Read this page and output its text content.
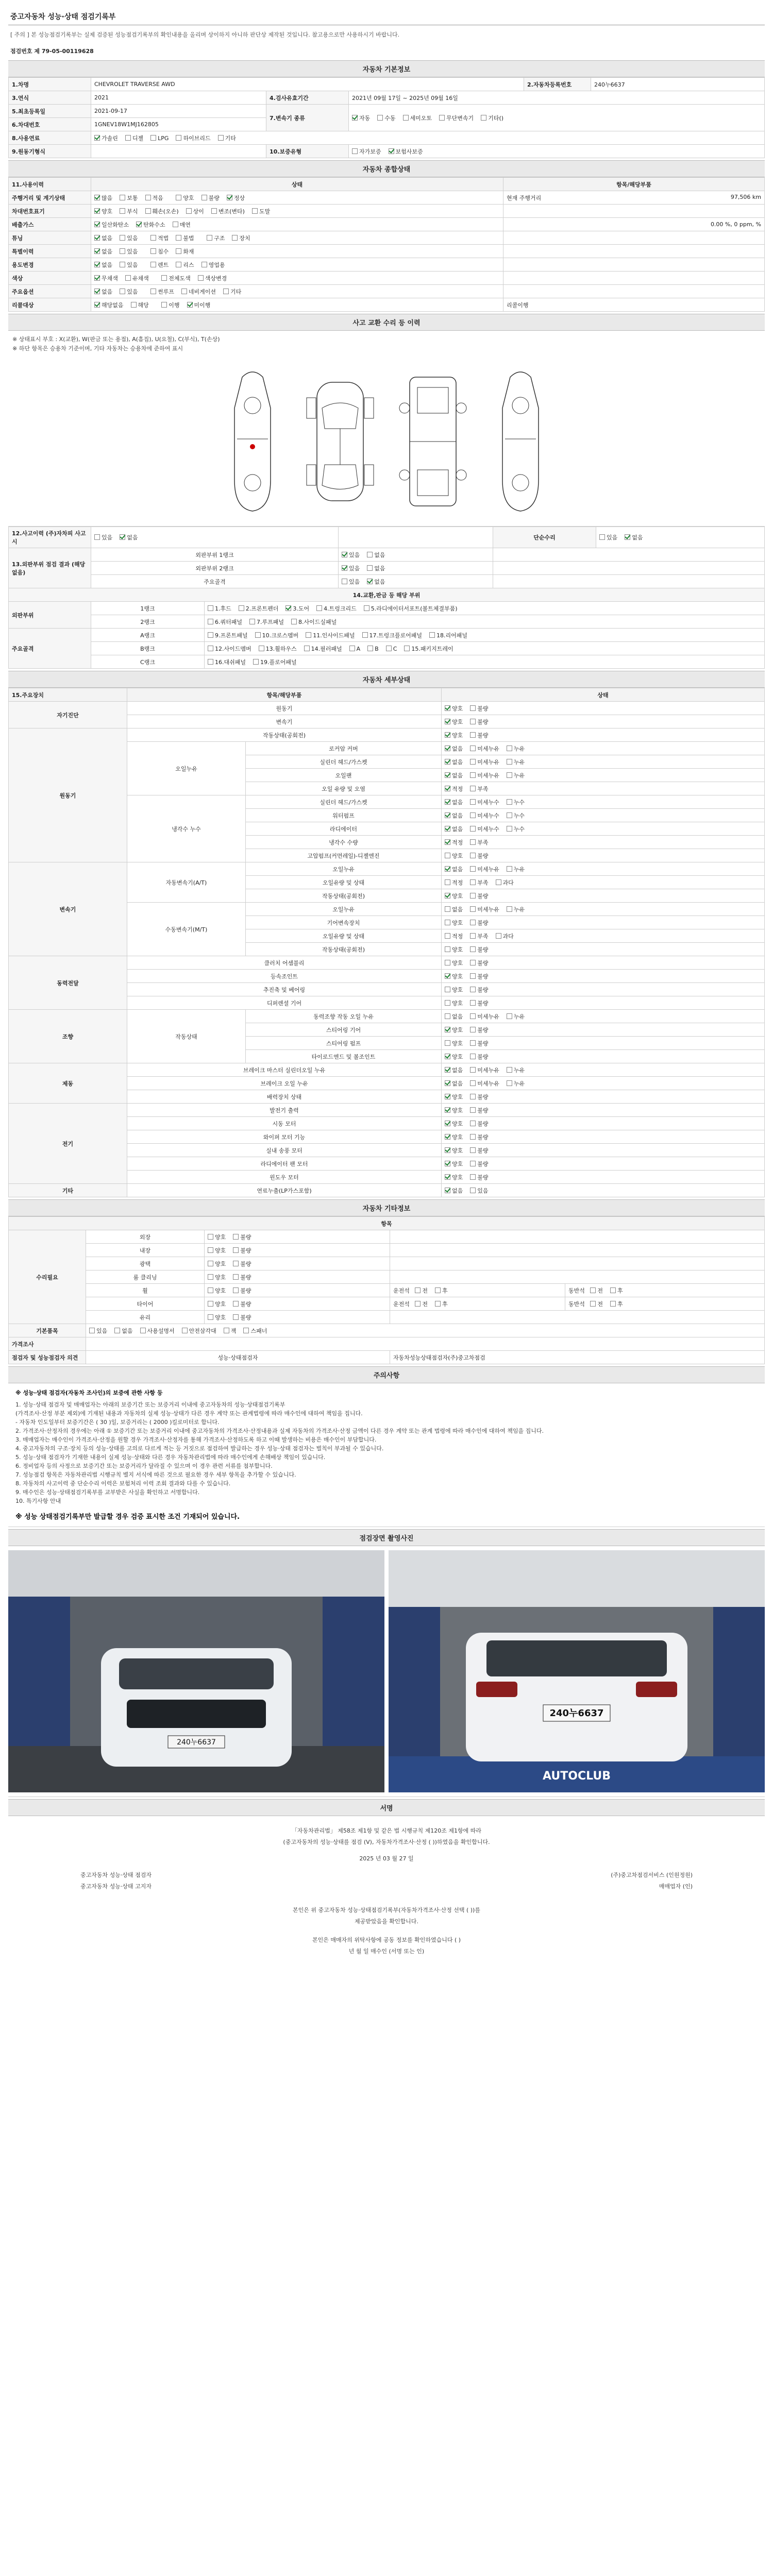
중고자동차 성능·상태 점검기록부
[ 주의 ] 본 성능점검기록부는 실제 검증된 성능점검기록부의 확인내용을 올리며 상이하지 아니하 판단상 제작된 것입니다. 참고용으로만 사용하시기 바랍니다.
점검번호 제 79-05-00119628
자동차 기본정보
1.차명	CHEVROLET TRAVERSE AWD			2.자동차등록번호	240누6637
3.연식	2021	4.검사유효기간	2021년 09월 17일 ~ 2025년 09월 16일		
5.최초등록일	2021-09-17	7.변속기 종류	자동 수동 세미오토 무단변속기 기타()		
6.차대번호	1GNEV18W1MJ162805				
8.사용연료	가솔린 디젤 LPG 하이브리드 기타				
9.원동기형식		10.보증유형	자가보증 보험사보증		
자동차 종합상태
11.사용이력	상태	항목/해당부품
주행거리 및 계기상태	많음 보통 적음 양호 불량 정상	현재 주행거리 97,506 km

차대번호표기	양호 부식 훼손(오손) 상이 변조(변타) 도말	

배출가스	일산화탄소 탄화수소 매연	0.00 %, 0 ppm, %

튜닝	없음 있음 적법 불법 구조 장치	

특별이력	없음 있음 침수 화재	

용도변경	없음 있음 렌트 리스 영업용	

색상	무채색 유채색 전체도색 색상변경	

주요옵션	없음 있음 썬루프 네비게이션 기타	

리콜대상	해당없음 해당 이행 미이행	리콜이행
사고 교환 수리 등 이력
※ 상태표시 부호 : X(교환), W(판금 또는 용접), A(흠집), U(요철), C(부식), T(손상)
※ 하단 항목은 승용차 기준이며, 기타 자동차는 승용차에 준하여 표시
12.사고이력 (주)자차피 사고시	있음 없음			단순수리	있음 없음
13.외판부위 점검 결과 (해당 없음)	외판부위 1랭크		있음 없음		
	외판부위 2랭크		있음 없음		
	주요골격		있음 없음		
14.교환,판금 등 해당 부위					
외판부위	1랭크	1.후드 2.프론트펜더 3.도어 4.트렁크리드 5.라디에이터서포트(볼트체결부품)			
	2랭크	6.쿼터패널 7.루프패널 8.사이드실패널			
주요골격	A랭크	9.프론트패널 10.크로스멤버 11.인사이드패널 17.트렁크플로어패널 18.리어패널			
	B랭크	12.사이드멤버 13.휠하우스 14.필러패널 A B C 15.패키지트레이			
	C랭크	16.대쉬패널 19.플로어패널			
자동차 세부상태
15.주요장치	항목/해당부품		상태
자기진단	원동기		양호 불량
	변속기		양호 불량
원동기	작동상태(공회전)		양호 불량
	오일누유	로커암 커버	없음 미세누유 누유
		실린더 헤드/가스켓	없음 미세누유 누유
		오일팬	없음 미세누유 누유
		오일 유량 및 오염	적정 부족
	냉각수 누수	실린더 헤드/가스켓	없음 미세누수 누수
		워터펌프	없음 미세누수 누수
		라디에이터	없음 미세누수 누수
		냉각수 수량	적정 부족
		고압펌프(커먼레일)-디젤엔진	양호 불량
변속기	자동변속기(A/T)	오일누유	없음 미세누유 누유
		오일유량 및 상태	적정 부족 과다
		작동상태(공회전)	양호 불량
	수동변속기(M/T)	오일누유	없음 미세누유 누유
		기어변속장치	양호 불량
		오일유량 및 상태	적정 부족 과다
		작동상태(공회전)	양호 불량
동력전달	클러치 어셈블리		양호 불량
	등속조인트		양호 불량
	추진축 및 베어링		양호 불량
	디퍼렌셜 기어		양호 불량
조향	작동상태	동력조향 작동 오일 누유	없음 미세누유 누유
		스티어링 기어	양호 불량
		스티어링 펌프	양호 불량
		타이로드엔드 및 볼조인트	양호 불량
제동	브레이크 마스터 실린더오일 누유		없음 미세누유 누유
	브레이크 오일 누유		없음 미세누유 누유
	배력장치 상태		양호 불량
전기	발전기 출력		양호 불량
	시동 모터		양호 불량
	와이퍼 모터 기능		양호 불량
	실내 송풍 모터		양호 불량
	라디에이터 팬 모터		양호 불량
	윈도우 모터		양호 불량
기타	연료누출(LP가스포함)		없음 있음
자동차 기타정보
항목				
수리필요	외장	양호 불량		
	내장	양호 불량		
	광택	양호 불량		
	룸 클리닝	양호 불량		
	휠	양호 불량	운전석 전 후	동반석 전 후
	타이어	양호 불량	운전석 전 후	동반석 전 후
	유리	양호 불량		
기본품목	있음 없음 사용설명서 안전삼각대 잭 스패너			
가격조사				
점검자 및 성능점검자 의견	성능·상태점검자		자동차성능상태점검자(주)중고차점검	
주의사항
※ 성능·상태 점검자(자동차 조사인)의 보증에 관한 사항 등
1. 성능·상태 점검자 및 매매업자는 아래의 보증기간 또는 보증거리 이내에 중고자동차의 성능·상태점검기록부
(가격조사·산정 부분 제외)에 기재된 내용과 자동차의 실제 성능·상태가 다른 경우 계약 또는 관계법령에 따라 매수인에 대하여 책임을 집니다.
- 자동차 인도일부터 보증기간은 ( 30 )일, 보증거리는 ( 2000 )킬로미터로 합니다.
2. 가격조사·산정자의 경우에는 아래 ① 보증기간 또는 보증거리 이내에 중고자동차의 가격조사·산정내용과 실제 자동차의 가격조사·산정 금액이 다른 경우 계약 또는 관계 법령에 따라 매수인에 대하여 책임을 집니다.
3. 매매업자는 매수인이 가격조사·산정을 원할 경우 가격조사·산정자를 통해 가격조사·산정하도록 하고 이때 발생하는 비용은 매수인이 부담합니다.
4. 중고자동차의 구조·장치 등의 성능·상태를 고의로 다르게 적는 등 거짓으로 점검하여 발급하는 경우 성능·상태 점검자는 벌칙이 부과될 수 있습니다.
5. 성능·상태 점검자가 기재한 내용이 실제 성능·상태와 다른 경우 자동차관리법에 따라 매수인에게 손해배상 책임이 있습니다.
6. 정비업자 등의 사정으로 보증기간 또는 보증거리가 달라질 수 있으며 이 경우 관련 서류를 첨부합니다.
7. 성능점검 항목은 자동차관리법 시행규칙 별지 서식에 따른 것으로 필요한 경우 세부 항목을 추가할 수 있습니다.
8. 자동차의 사고이력 중 단순수리 이력은 보험처리 이력 조회 결과와 다를 수 있습니다.
9. 매수인은 성능·상태점검기록부를 교부받은 사실을 확인하고 서명합니다.
10. 특기사항 안내
※ 성능 상태점검기록부만 발급할 경우 검증 표시한 조건 기재되어 있습니다.
점검장면 촬영사진
240누6637
240누6637
AUTOCLUB
서명
「자동차관리법」 제58조 제1항 및 같은 법 시행규칙 제120조 제1항에 따라
(중고자동차의 성능·상태를 점검 (V), 자동차가격조사·산정 ( ))하였음을 확인합니다.
2025 년 03 월 27 일
중고자동차 성능·상태 점검자	(주)중고차점검서비스 (인원정원)
중고자동차 성능·상태 고지자	매매업자 (인)
본인은 위 중고자동차 성능·상태점검기록부(자동차가격조사·산정 선택 ( ))를
제공받았음을 확인합니다.
본인은 매매자의 위탁사항에 공동 정보를 확인하였습니다 ( )
년 월 일 매수인 (서명 또는 인)
